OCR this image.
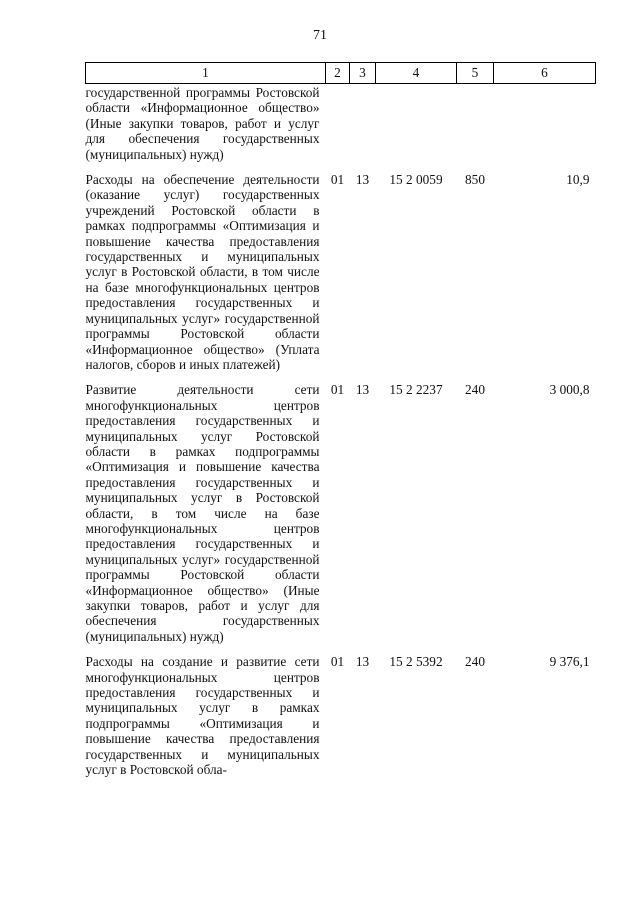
71
1	2	3	4	5	6
государственной программы Ростовской области «Информационное общество» (Иные закупки товаров, работ и услуг для обеспечения государственных (муниципальных) нужд)					
Расходы на обеспечение деятельности (оказание услуг) государственных учреждений Ростовской области в рамках подпрограммы «Оптимизация и повышение качества предоставления государственных и муниципальных услуг в Ростовской области, в том числе на базе многофункциональных центров предоставления государственных и муниципальных услуг» государственной программы Ростовской области «Информационное общество» (Уплата налогов, сборов и иных платежей)	01	13	15 2 0059	850	10,9
Развитие деятельности сети многофункциональных центров предоставления государственных и муниципальных услуг Ростовской области в рамках подпрограммы «Оптимизация и повышение качества предоставления государственных и муниципальных услуг в Ростовской области, в том числе на базе многофункциональных центров предоставления государственных и муниципальных услуг» государственной программы Ростовской области «Информационное общество» (Иные закупки товаров, работ и услуг для обеспечения государственных (муниципальных) нужд)	01	13	15 2 2237	240	3 000,8
Расходы на создание и развитие сети многофункциональных центров предоставления государственных и муниципальных услуг в рамках подпрограммы «Оптимизация и повышение качества предоставления государственных и муниципальных услуг в Ростовской обла-	01	13	15 2 5392	240	9 376,1
